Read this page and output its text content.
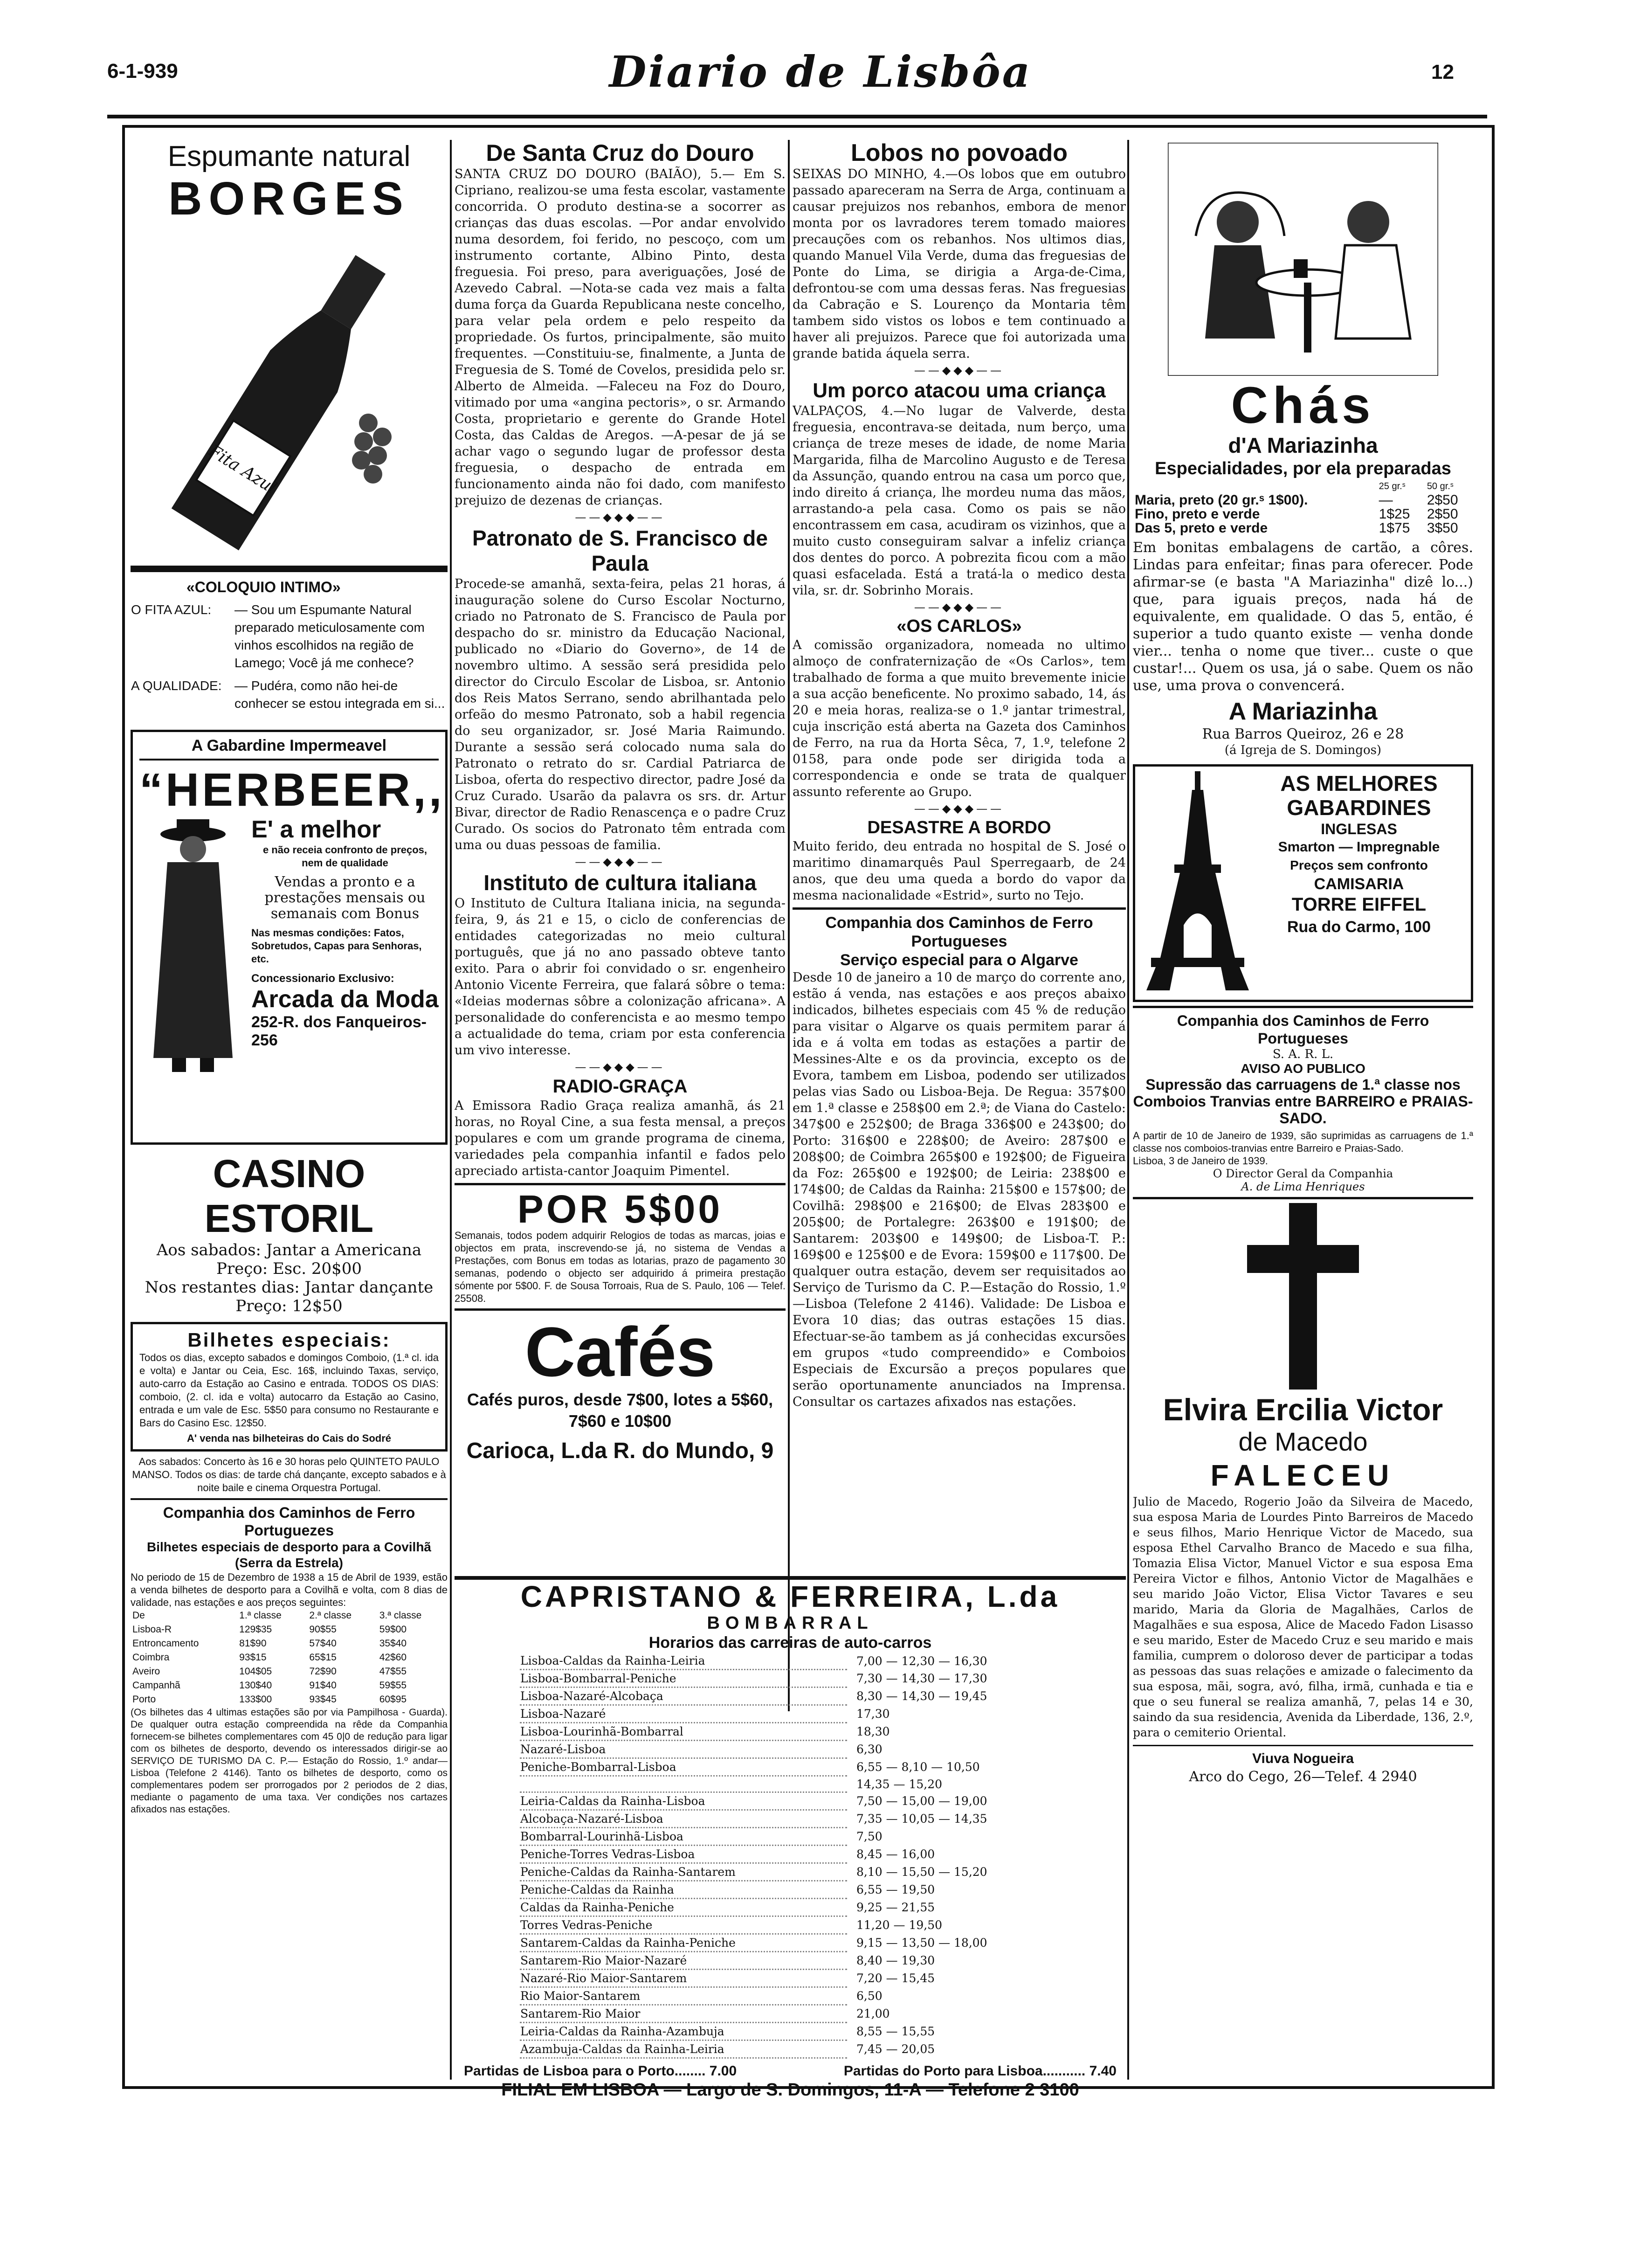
6-1-939	Diario de Lisbôa	12
Espumante natural
BORGES
Fita Azul
«COLOQUIO INTIMO»
O FITA AZUL:	— Sou um Espumante Natural preparado meticulosamente com vinhos escolhidos na região de Lamego; Você já me conhece?
A QUALIDADE:	— Pudéra, como não hei-de conhecer se estou integrada em si...
A Gabardine Impermeavel
“HERBEER,,
E' a melhor
e não receia confronto de preços, nem de qualidade
Vendas a pronto e a prestações mensais ou semanais com Bonus
Nas mesmas condições: Fatos, Sobretudos, Capas para Senhoras, etc.
Concessionario Exclusivo:
Arcada da Moda
252-R. dos Fanqueiros-256
CASINO ESTORIL
Aos sabados: Jantar a Americana
Preço: Esc. 20$00
Nos restantes dias: Jantar dançante
Preço: 12$50
Bilhetes especiais:
Todos os dias, excepto sabados e domingos Comboio, (1.ª cl. ida e volta) e Jantar ou Ceia, Esc. 16$, incluindo Taxas, serviço, auto-carro da Estação ao Casino e entrada. TODOS OS DIAS: comboio, (2. cl. ida e volta) autocarro da Estação ao Casino, entrada e um vale de Esc. 5$50 para consumo no Restaurante e Bars do Casino Esc. 12$50.
A' venda nas bilheteiras do Cais do Sodré
Aos sabados: Concerto às 16 e 30 horas pelo QUINTETO PAULO MANSO. Todos os dias: de tarde chá dançante, excepto sabados e à noite baile e cinema Orquestra Portugal.
Companhia dos Caminhos de Ferro Portuguezes
Bilhetes especiais de desporto para a Covilhã (Serra da Estrela)
No periodo de 15 de Dezembro de 1938 a 15 de Abril de 1939, estão a venda bilhetes de desporto para a Covilhã e volta, com 8 dias de validade, nas estações e aos preços seguintes:
De	1.ª classe	2.ª classe	3.ª classe
Lisboa-R	129$35	90$55	59$00
Entroncamento	81$90	57$40	35$40
Coimbra	93$15	65$15	42$60
Aveiro	104$05	72$90	47$55
Campanhã	130$40	91$40	59$55
Porto	133$00	93$45	60$95
(Os bilhetes das 4 ultimas estações são por via Pampilhosa - Guarda). De qualquer outra estação compreendida na rêde da Companhia fornecem-se bilhetes complementares com 45 0|0 de redução para ligar com os bilhetes de desporto, devendo os interessados dirigir-se ao SERVIÇO DE TURISMO DA C. P.— Estação do Rossio, 1.º andar—Lisboa (Telefone 2 4146). Tanto os bilhetes de desporto, como os complementares podem ser prorrogados por 2 periodos de 2 dias, mediante o pagamento de uma taxa. Ver condições nos cartazes afixados nas estações.
De Santa Cruz do Douro

SANTA CRUZ DO DOURO (BAIÃO), 5.— Em S. Cipriano, realizou-se uma festa escolar, vastamente concorrida. O produto destina-se a socorrer as crianças das duas escolas. —Por andar envolvido numa desordem, foi ferido, no pescoço, com um instrumento cortante, Albino Pinto, desta freguesia. Foi preso, para averiguações, José de Azevedo Cabral. —Nota-se cada vez mais a falta duma força da Guarda Republicana neste concelho, para velar pela ordem e pelo respeito da propriedade. Os furtos, principalmente, são muito frequentes. —Constituiu-se, finalmente, a Junta de Freguesia de S. Tomé de Covelos, presidida pelo sr. Alberto de Almeida. —Faleceu na Foz do Douro, vitimado por uma «angina pectoris», o sr. Armando Costa, proprietario e gerente do Grande Hotel Costa, das Caldas de Aregos. —A-pesar de já se achar vago o segundo lugar de professor desta freguesia, o despacho de entrada em funcionamento ainda não foi dado, com manifesto prejuizo de dezenas de crianças.

——◆◆◆——
Patronato de S. Francisco de Paula

Procede-se amanhã, sexta-feira, pelas 21 horas, á inauguração solene do Curso Escolar Nocturno, criado no Patronato de S. Francisco de Paula por despacho do sr. ministro da Educação Nacional, publicado no «Diario do Governo», de 14 de novembro ultimo. A sessão será presidida pelo director do Circulo Escolar de Lisboa, sr. Antonio dos Reis Matos Serrano, sendo abrilhantada pelo orfeão do mesmo Patronato, sob a habil regencia do seu organizador, sr. José Maria Raimundo. Durante a sessão será colocado numa sala do Patronato o retrato do sr. Cardial Patriarca de Lisboa, oferta do respectivo director, padre José da Cruz Curado. Usarão da palavra os srs. dr. Artur Bivar, director de Radio Renascença e o padre Cruz Curado. Os socios do Patronato têm entrada com uma ou duas pessoas de familia.

——◆◆◆——
Instituto de cultura italiana

O Instituto de Cultura Italiana inicia, na segunda-feira, 9, ás 21 e 15, o ciclo de conferencias de entidades categorizadas no meio cultural português, que já no ano passado obteve tanto exito. Para o abrir foi convidado o sr. engenheiro Antonio Vicente Ferreira, que falará sôbre o tema: «Ideias modernas sôbre a colonização africana». A personalidade do conferencista e ao mesmo tempo a actualidade do tema, criam por esta conferencia um vivo interesse.

——◆◆◆——
RADIO-GRAÇA

A Emissora Radio Graça realiza amanhã, ás 21 horas, no Royal Cine, a sua festa mensal, a preços populares e com um grande programa de cinema, variedades pela companhia infantil e fados pelo apreciado artista-cantor Joaquim Pimentel.

POR 5$00
Semanais, todos podem adquirir Relogios de todas as marcas, joias e objectos em prata, inscrevendo-se já, no sistema de Vendas a Prestações, com Bonus em todas as lotarias, prazo de pagamento 30 semanas, podendo o objecto ser adquirido á primeira prestação sómente por 5$00. F. de Sousa Torroais, Rua de S. Paulo, 106 — Telef. 25508.
Cafés
Cafés puros, desde 7$00, lotes a 5$60, 7$60 e 10$00
Carioca, L.da R. do Mundo, 9
Lobos no povoado

SEIXAS DO MINHO, 4.—Os lobos que em outubro passado apareceram na Serra de Arga, continuam a causar prejuizos nos rebanhos, embora de menor monta por os lavradores terem tomado maiores precauções com os rebanhos. Nos ultimos dias, quando Manuel Vila Verde, duma das freguesias de Ponte do Lima, se dirigia a Arga-de-Cima, defrontou-se com uma dessas feras. Nas freguesias da Cabração e S. Lourenço da Montaria têm tambem sido vistos os lobos e tem continuado a haver ali prejuizos. Parece que foi autorizada uma grande batida áquela serra.

——◆◆◆——
Um porco atacou uma criança

VALPAÇOS, 4.—No lugar de Valverde, desta freguesia, encontrava-se deitada, num berço, uma criança de treze meses de idade, de nome Maria Margarida, filha de Marcolino Augusto e de Teresa da Assunção, quando entrou na casa um porco que, indo direito á criança, lhe mordeu numa das mãos, arrastando-a pela casa. Como os pais se não encontrassem em casa, acudiram os vizinhos, que a muito custo conseguiram salvar a infeliz criança dos dentes do porco. A pobrezita ficou com a mão quasi esfacelada. Está a tratá-la o medico desta vila, sr. dr. Sobrinho Morais.

——◆◆◆——
«OS CARLOS»

A comissão organizadora, nomeada no ultimo almoço de confraternização de «Os Carlos», tem trabalhado de forma a que muito brevemente inicie a sua acção beneficente. No proximo sabado, 14, ás 20 e meia horas, realiza-se o 1.º jantar trimestral, cuja inscrição está aberta na Gazeta dos Caminhos de Ferro, na rua da Horta Sêca, 7, 1.º, telefone 2 0158, para onde pode ser dirigida toda a correspondencia e onde se trata de qualquer assunto referente ao Grupo.

——◆◆◆——
DESASTRE A BORDO

Muito ferido, deu entrada no hospital de S. José o maritimo dinamarquês Paul Sperregaarb, de 24 anos, que deu uma queda a bordo do vapor da mesma nacionalidade «Estrid», surto no Tejo.

Companhia dos Caminhos de Ferro Portugueses
Serviço especial para o Algarve

Desde 10 de janeiro a 10 de março do corrente ano, estão á venda, nas estações e aos preços abaixo indicados, bilhetes especiais com 45 % de redução para visitar o Algarve os quais permitem parar á ida e á volta em todas as estações a partir de Messines-Alte e os da provincia, excepto os de Evora, tambem em Lisboa, podendo ser utilizados pelas vias Sado ou Lisboa-Beja. De Regua: 357$00 em 1.ª classe e 258$00 em 2.ª; de Viana do Castelo: 347$00 e 252$00; de Braga 336$00 e 243$00; do Porto: 316$00 e 228$00; de Aveiro: 287$00 e 208$00; de Coimbra 265$00 e 192$00; de Figueira da Foz: 265$00 e 192$00; de Leiria: 238$00 e 174$00; de Caldas da Rainha: 215$00 e 157$00; de Covilhã: 298$00 e 216$00; de Elvas 283$00 e 205$00; de Portalegre: 263$00 e 191$00; de Santarem: 203$00 e 149$00; de Lisboa-T. P.: 169$00 e 125$00 e de Evora: 159$00 e 117$00. De qualquer outra estação, devem ser requisitados ao Serviço de Turismo da C. P.—Estação do Rossio, 1.º—Lisboa (Telefone 2 4146). Validade: De Lisboa e Evora 10 dias; das outras estações 15 dias. Efectuar-se-ão tambem as já conhecidas excursões em grupos «tudo compreendido» e Comboios Especiais de Excursão a preços populares que serão oportunamente anunciados na Imprensa. Consultar os cartazes afixados nas estações.

CAPRISTANO & FERREIRA, L.da
BOMBARRAL
Horarios das carreiras de auto-carros
Lisboa-Caldas da Rainha-Leiria	7,00 — 12,30 — 16,30
Lisboa-Bombarral-Peniche	7,30 — 14,30 — 17,30
Lisboa-Nazaré-Alcobaça	8,30 — 14,30 — 19,45
Lisboa-Nazaré	17,30
Lisboa-Lourinhã-Bombarral	18,30
Nazaré-Lisboa	6,30
Peniche-Bombarral-Lisboa	6,55 — 8,10 — 10,50
	14,35 — 15,20
Leiria-Caldas da Rainha-Lisboa	7,50 — 15,00 — 19,00
Alcobaça-Nazaré-Lisboa	7,35 — 10,05 — 14,35
Bombarral-Lourinhã-Lisboa	7,50
Peniche-Torres Vedras-Lisboa	8,45 — 16,00
Peniche-Caldas da Rainha-Santarem	8,10 — 15,50 — 15,20
Peniche-Caldas da Rainha	6,55 — 19,50
Caldas da Rainha-Peniche	9,25 — 21,55
Torres Vedras-Peniche	11,20 — 19,50
Santarem-Caldas da Rainha-Peniche	9,15 — 13,50 — 18,00
Santarem-Rio Maior-Nazaré	8,40 — 19,30
Nazaré-Rio Maior-Santarem	7,20 — 15,45
Rio Maior-Santarem	6,50
Santarem-Rio Maior	21,00
Leiria-Caldas da Rainha-Azambuja	8,55 — 15,55
Azambuja-Caldas da Rainha-Leiria	7,45 — 20,05
Partidas de Lisboa para o Porto........ 7.00	Partidas do Porto para Lisboa........... 7.40
FILIAL EM LISBOA — Largo de S. Domingos, 11-A — Telefone 2 3100
Chás
d'A Mariazinha
Especialidades, por ela preparadas
	25 gr.ˢ	50 gr.ˢ
Maria, preto (20 gr.ˢ 1$00).	—	2$50
Fino, preto e verde	1$25	2$50
Das 5, preto e verde	1$75	3$50
Em bonitas embalagens de cartão, a côres. Lindas para enfeitar; finas para oferecer. Pode afirmar-se (e basta "A Mariazinha" dizê lo...) que, para iguais preços, nada há de equivalente, em qualidade. O das 5, então, é superior a tudo quanto existe — venha donde vier... tenha o nome que tiver... custe o que custar!... Quem os usa, já o sabe. Quem os não use, uma prova o convencerá.
A Mariazinha
Rua Barros Queiroz, 26 e 28
(á Igreja de S. Domingos)
AS MELHORES
GABARDINES
INGLESAS
Smarton — Impregnable
Preços sem confronto
CAMISARIA
TORRE EIFFEL
Rua do Carmo, 100
Companhia dos Caminhos de Ferro Portugueses
S. A. R. L.
AVISO AO PUBLICO
Supressão das carruagens de 1.ª classe nos Comboios Tranvias entre BARREIRO e PRAIAS-SADO.
A partir de 10 de Janeiro de 1939, são suprimidas as carruagens de 1.ª classe nos comboios-tranvias entre Barreiro e Praias-Sado.
Lisboa, 3 de Janeiro de 1939.
O Director Geral da Companhia
A. de Lima Henriques
Elvira Ercilia Victor
de Macedo
FALECEU

Julio de Macedo, Rogerio João da Silveira de Macedo, sua esposa Maria de Lourdes Pinto Barreiros de Macedo e seus filhos, Mario Henrique Victor de Macedo, sua esposa Ethel Carvalho Branco de Macedo e sua filha, Tomazia Elisa Victor, Manuel Victor e sua esposa Ema Pereira Victor e filhos, Antonio Victor de Magalhães e seu marido João Victor, Elisa Victor Tavares e seu marido, Maria da Gloria de Magalhães, Carlos de Magalhães e sua esposa, Alice de Macedo Fadon Lisasso e seu marido, Ester de Macedo Cruz e seu marido e mais familia, cumprem o doloroso dever de participar a todas as pessoas das suas relações e amizade o falecimento da sua esposa, mãi, sogra, avó, filha, irmã, cunhada e tia e que o seu funeral se realiza amanhã, 7, pelas 14 e 30, saindo da sua residencia, Avenida da Liberdade, 136, 2.º, para o cemiterio Oriental.

Viuva Nogueira
Arco do Cego, 26—Telef. 4 2940
